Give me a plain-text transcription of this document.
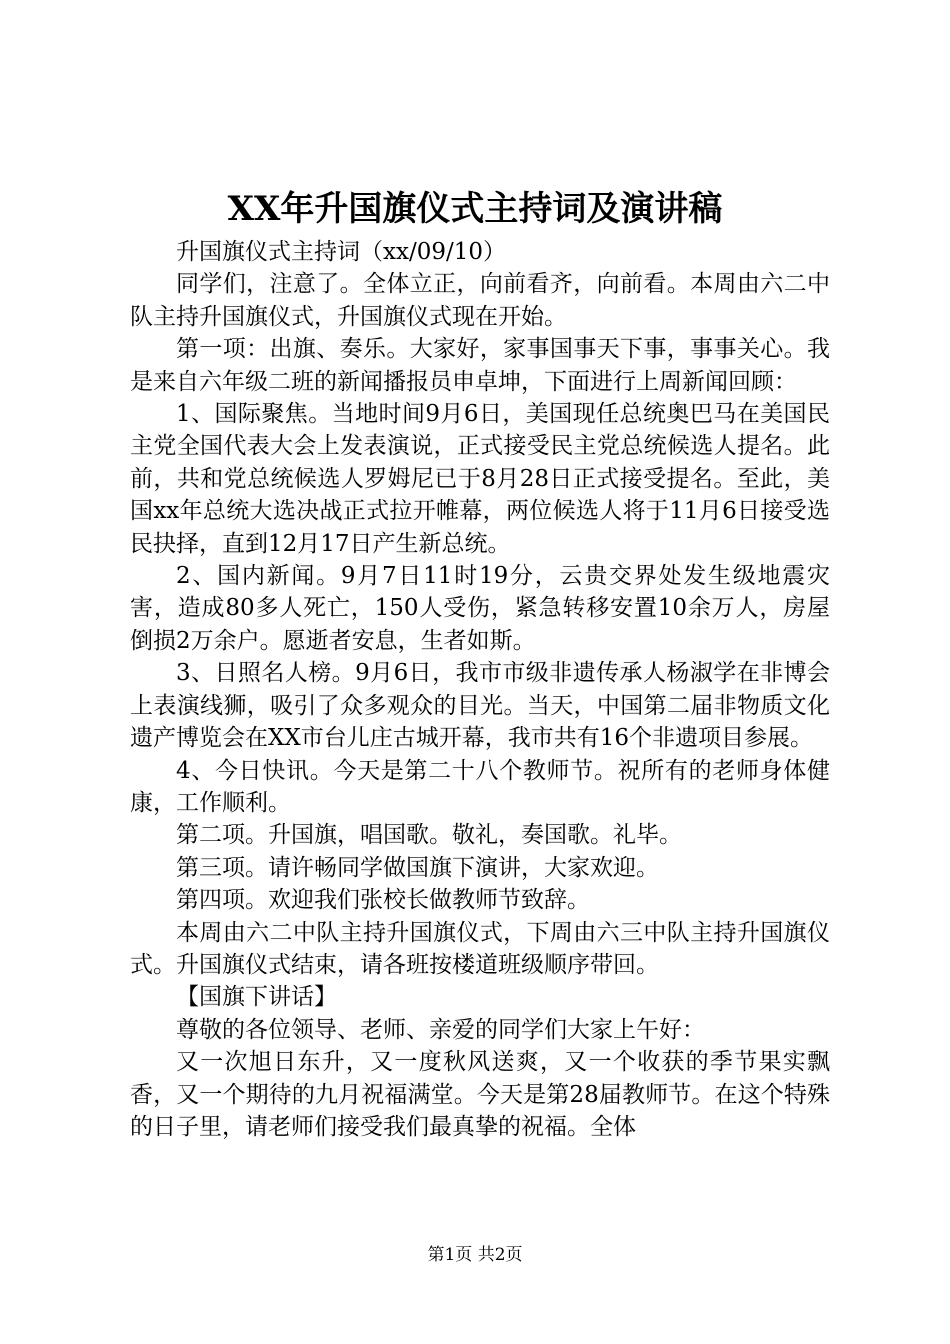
XX年升国旗仪式主持词及演讲稿

升国旗仪式主持词（xx/09/10）

同学们，注意了。全体立正，向前看齐，向前看。本周由六二中队主持升国旗仪式，升国旗仪式现在开始。

第一项：出旗、奏乐。大家好，家事国事天下事，事事关心。我是来自六年级二班的新闻播报员申卓坤，下面进行上周新闻回顾：

1、国际聚焦。当地时间9月6日，美国现任总统奥巴马在美国民主党全国代表大会上发表演说，正式接受民主党总统候选人提名。此前，共和党总统候选人罗姆尼已于8月28日正式接受提名。至此，美国xx年总统大选决战正式拉开帷幕，两位候选人将于11月6日接受选民抉择，直到12月17日产生新总统。

2、国内新闻。9月7日11时19分，云贵交界处发生级地震灾害，造成80多人死亡，150人受伤，紧急转移安置10余万人，房屋倒损2万余户。愿逝者安息，生者如斯。

3、日照名人榜。9月6日，我市市级非遗传承人杨淑学在非博会上表演线狮，吸引了众多观众的目光。当天，中国第二届非物质文化遗产博览会在XX市台儿庄古城开幕，我市共有16个非遗项目参展。

4、今日快讯。今天是第二十八个教师节。祝所有的老师身体健康，工作顺利。

第二项。升国旗，唱国歌。敬礼，奏国歌。礼毕。

第三项。请许畅同学做国旗下演讲，大家欢迎。

第四项。欢迎我们张校长做教师节致辞。

本周由六二中队主持升国旗仪式，下周由六三中队主持升国旗仪式。升国旗仪式结束，请各班按楼道班级顺序带回。

【国旗下讲话】

尊敬的各位领导、老师、亲爱的同学们大家上午好：

又一次旭日东升，又一度秋风送爽，又一个收获的季节果实飘香，又一个期待的九月祝福满堂。今天是第28届教师节。在这个特殊的日子里，请老师们接受我们最真挚的祝福。全体

第1页 共2页
